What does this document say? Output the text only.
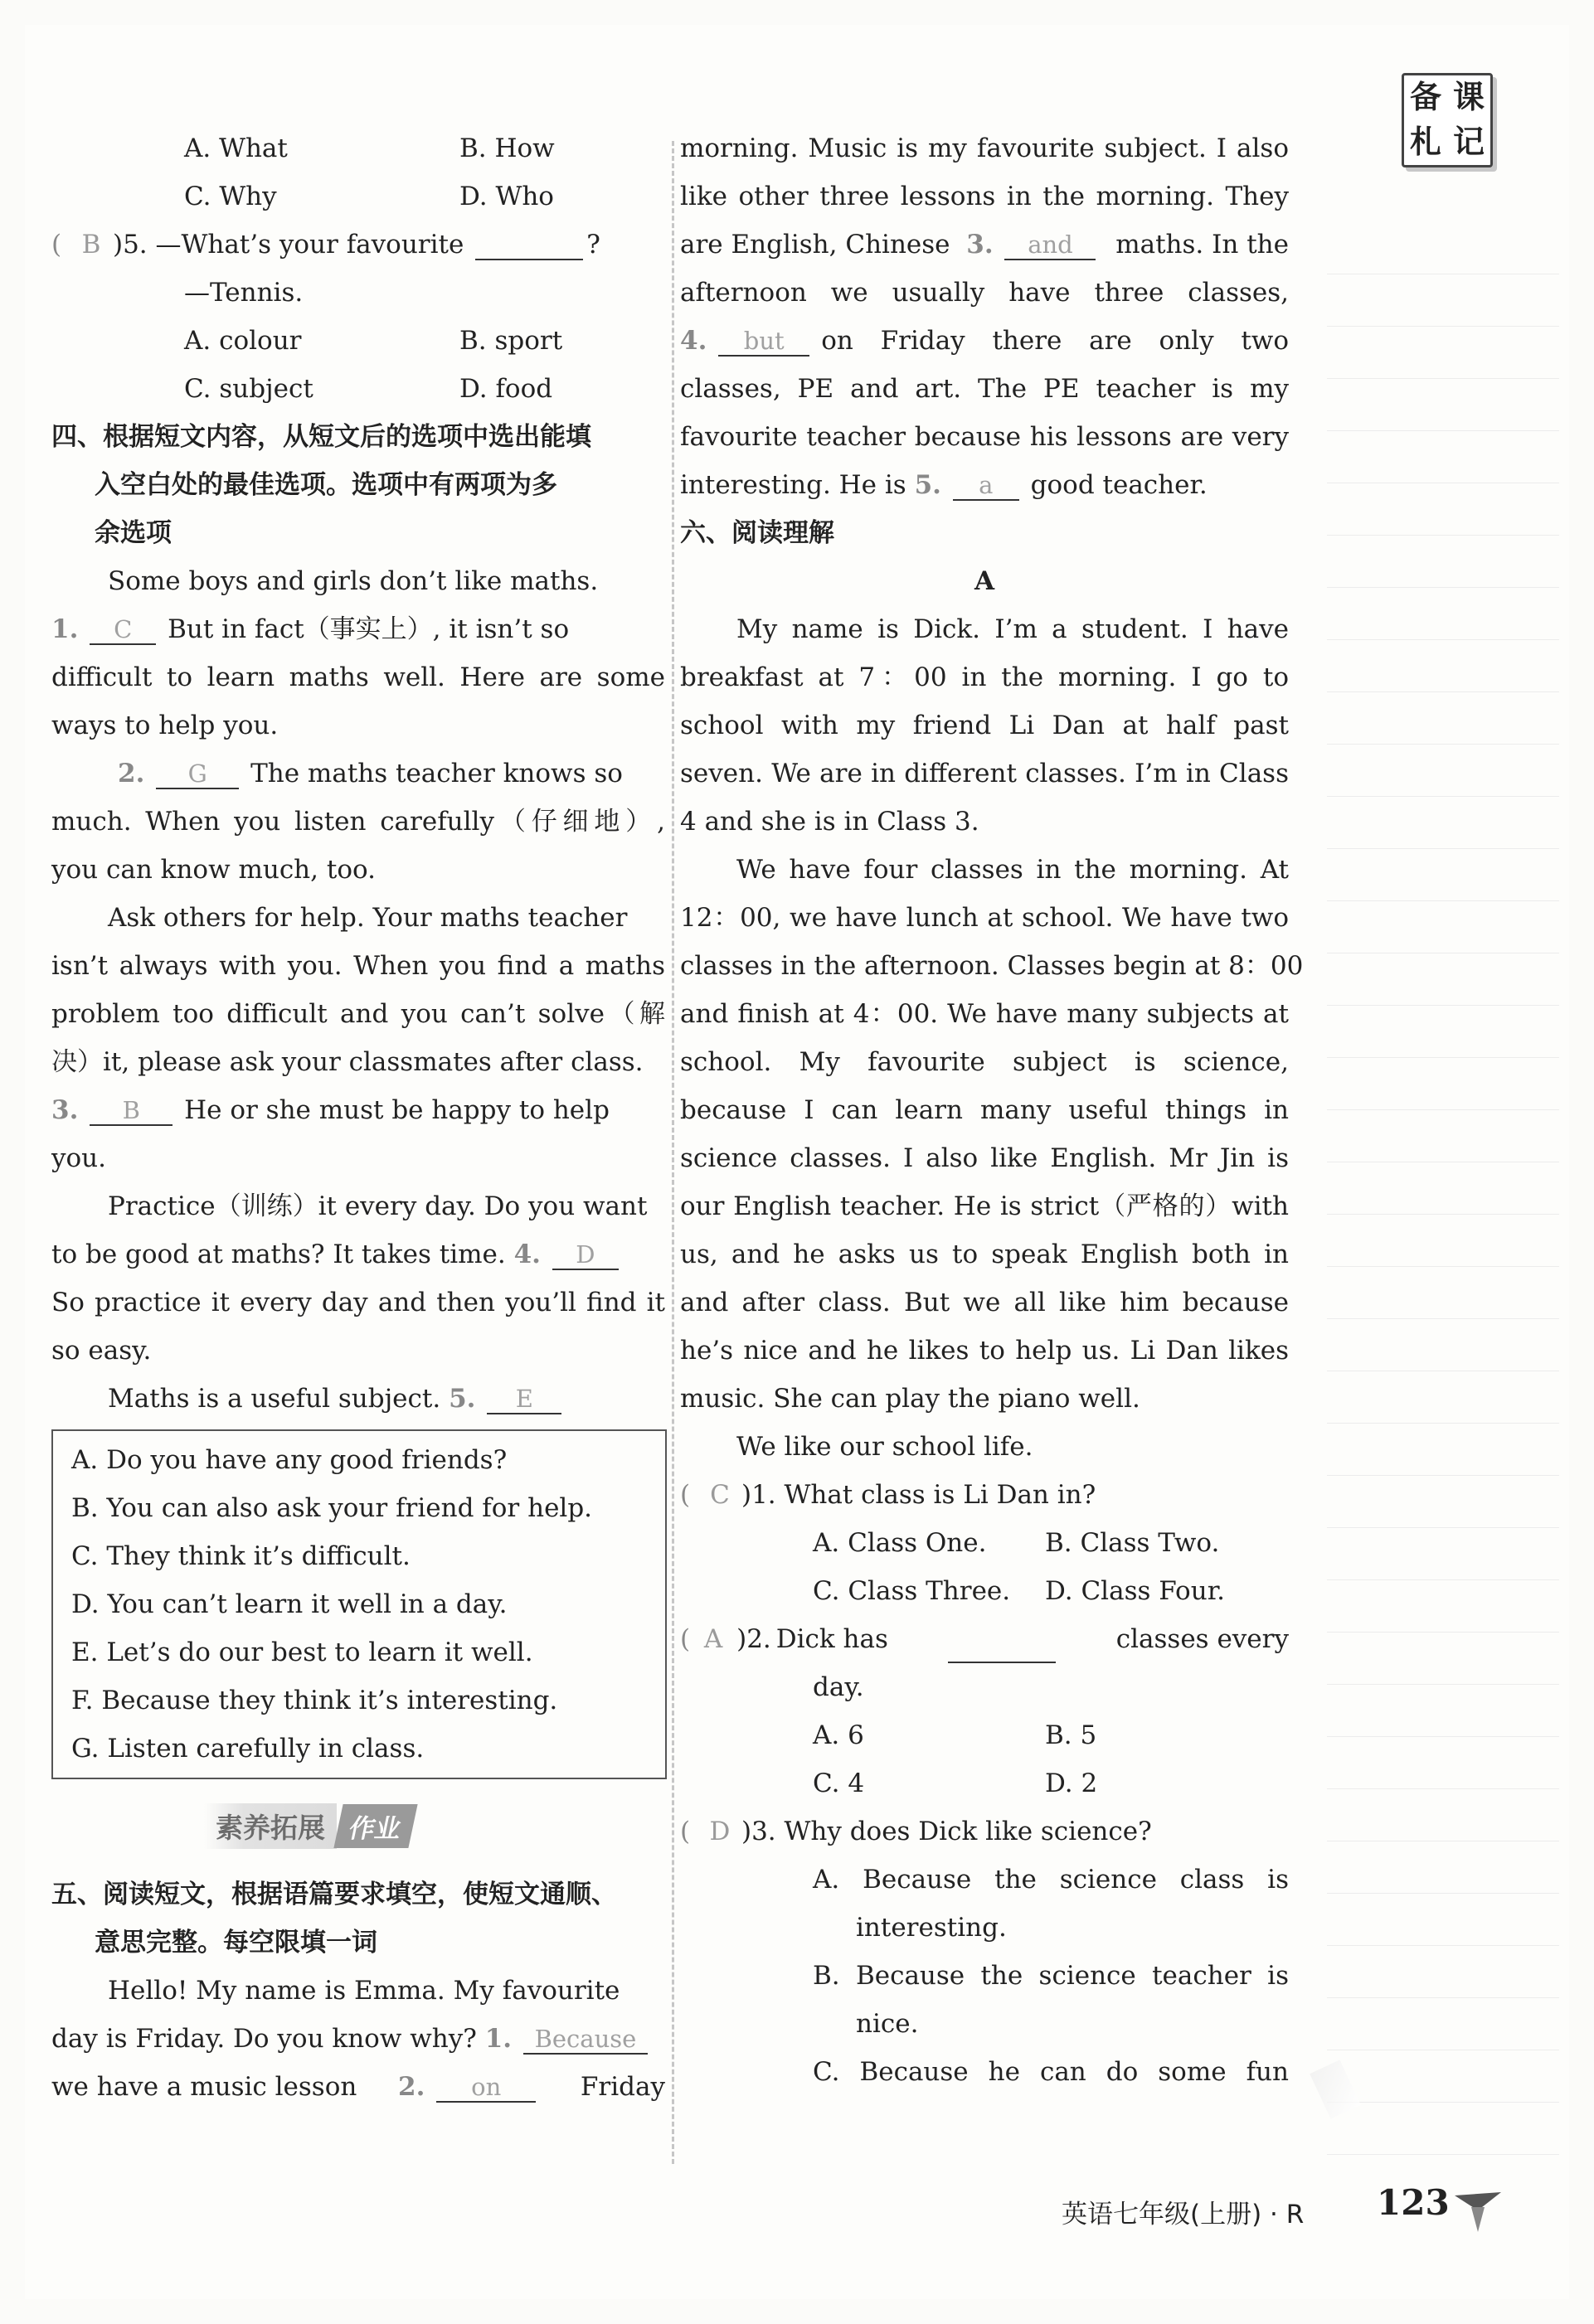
备 课
札 记
A. What	B. How
C. Why	D. Who
( B )5. —What’s your favourite	?
—Tennis.
A. colour	B. sport
C. subject	D. food
四、根据短文内容，从短文后的选项中选出能填
入空白处的最佳选项。选项中有两项为多
余选项
Some boys and girls don’t like maths.
1. C But in fact（事实上）, it isn’t so
difficult to learn maths well. Here are some
ways to help you.
2. G The maths teacher knows so
much. When you listen carefully（仔细地）,
you can know much, too.
Ask others for help. Your maths teacher
isn’t always with you. When you find a maths
problem too difficult and you can’t solve（解
决）it, please ask your classmates after class.
3. B He or she must be happy to help
you.
Practice（训练）it every day. Do you want
to be good at maths? It takes time. 4. D
So practice it every day and then you’ll find it
so easy.
Maths is a useful subject. 5. E
A. Do you have any good friends?
B. You can also ask your friend for help.
C. They think it’s difficult.
D. You can’t learn it well in a day.
E. Let’s do our best to learn it well.
F. Because they think it’s interesting.
G. Listen carefully in class.
素养拓展 作业
五、阅读短文，根据语篇要求填空，使短文通顺、
意思完整。每空限填一词
Hello! My name is Emma. My favourite
day is Friday. Do you know why? 1. Because
we have a music lesson 2. on	Friday
morning. Music is my favourite subject. I also
like other three lessons in the morning. They
are English, Chinese 3. and	maths. In the
afternoon we usually have three classes,
4. but	on Friday there are only two
classes, PE and art. The PE teacher is my
favourite teacher because his lessons are very
interesting. He is 5. a good teacher.
六、阅读理解
A
My name is Dick. I’m a student. I have
breakfast at 7：00 in the morning. I go to
school with my friend Li Dan at half past
seven. We are in different classes. I’m in Class
4 and she is in Class 3.
We have four classes in the morning. At
12：00, we have lunch at school. We have two
classes in the afternoon. Classes begin at 8：00
and finish at 4：00. We have many subjects at
school. My favourite subject is science,
because I can learn many useful things in
science classes. I also like English. Mr Jin is
our English teacher. He is strict（严格的）with
us, and he asks us to speak English both in
and after class. But we all like him because
he’s nice and he likes to help us. Li Dan likes
music. She can play the piano well.
We like our school life.
( C )1. What class is Li Dan in?
A. Class One.	B. Class Two.
C. Class Three.	D. Class Four.
( A )2. Dick has
	classes every
day.
A. 6	B. 5
C. 4	D. 2
( D )3. Why does Dick like science?
A. Because the science class is
interesting.
B. Because the science teacher is
nice.
C. Because he can do some fun
英语七年级(上册) · R 123
